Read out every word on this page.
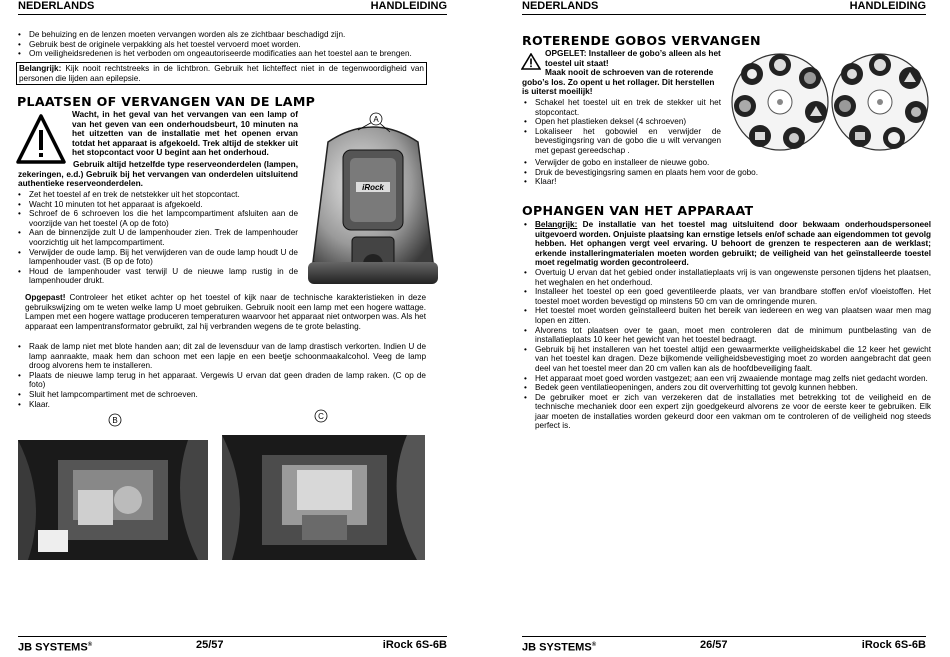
NEDERLANDS	HANDLEIDING
• De behuizing en de lenzen moeten vervangen worden als ze zichtbaar beschadigd zijn.
• Gebruik best de originele verpakking als het toestel vervoerd moet worden.
• Om veiligheidsredenen is het verboden om ongeautoriseerde modificaties aan het toestel aan te brengen.
Belangrijk: Kijk nooit rechtstreeks in de lichtbron. Gebruik het lichteffect niet in de tegenwoordigheid van personen die lijden aan epilepsie.
PLAATSEN OF VERVANGEN VAN DE LAMP
Wacht, in het geval van het vervangen van een lamp of van het geven van een onderhoudsbeurt, 10 minuten na het uitzetten van de installatie met het openen ervan totdat het apparaat is afgekoeld. Trek altijd de stekker uit het stopcontact voor U begint aan het onderhoud.
Gebruik altijd hetzelfde type reserveonderdelen (lampen, zekeringen, e.d.) Gebruik bij het vervangen van onderdelen uitsluitend authentieke reserveonderdelen.
• Zet het toestel af en trek de netstekker uit het stopcontact.
• Wacht 10 minuten tot het apparaat is afgekoeld.
• Schroef de 6 schroeven los die het lampcompartiment afsluiten aan de voorzijde van het toestel (A op de foto)
• Aan de binnenzijde zult U de lampenhouder zien. Trek de lampenhouder voorzichtig uit het lampcompartiment.
• Verwijder de oude lamp. Bij het verwijderen van de oude lamp houdt U de lampenhouder vast. (B op de foto)
• Houd de lampenhouder vast terwijl U de nieuwe lamp rustig in de lampenhouder drukt.
Opgepast! Controleer het etiket achter op het toestel of kijk naar de technische karakteristieken in deze gebruikswijzing om te weten welke lamp U moet gebruiken. Gebruik nooit een lamp met een hogere wattage. Lampen met een hogere wattage produceren temperaturen waarvoor het apparaat niet ontworpen was. Als het apparaat een lampentransformator gebruikt, zal hij verbranden wegens de te grote belasting.
• Raak de lamp niet met blote handen aan; dit zal de levensduur van de lamp drastisch verkorten. Indien U de lamp aanraakte, maak hem dan schoon met een lapje en een beetje schoonmaakalcohol. Veeg de lamp droog alvorens hem te installeren.
• Plaats de nieuwe lamp terug in het apparaat. Vergewis U ervan dat geen draden de lamp raken. (C op de foto)
• Sluit het lampcompartiment met de schroeven.
• Klaar.
iRock
A
B	C
JB SYSTEMS®	25/57	iRock 6S-6B
NEDERLANDS	HANDLEIDING
ROTERENDE GOBOS VERVANGEN
OPGELET: Installeer de gobo’s alleen als het toestel uit staat!
Maak nooit de schroeven van de roterende gobo’s los. Zo opent u het rollager. Dit herstellen is uiterst moeilijk!
• Schakel het toestel uit en trek de stekker uit het stopcontact.
• Open het plastieken deksel (4 schroeven)
• Lokaliseer het gobowiel en verwijder de bevestigingsring van de gobo die u wilt vervangen met gepast gereedschap .
• Verwijder de gobo en installeer de nieuwe gobo.
• Druk de bevestigingsring samen en plaats hem voor de gobo.
• Klaar!
OPHANGEN VAN HET APPARAAT
• Belangrijk: De installatie van het toestel mag uitsluitend door bekwaam onderhoudspersoneel uitgevoerd worden. Onjuiste plaatsing kan ernstige letsels en/of schade aan eigendommen tot gevolg hebben. Het ophangen vergt veel ervaring. U behoort de grenzen te respecteren aan de werklast; erkende installeringmaterialen moeten worden gebruikt; de veiligheid van het geïnstalleerde toestel moet regelmatig worden gecontroleerd.
• Overtuig U ervan dat het gebied onder installatieplaats vrij is van ongewenste personen tijdens het plaatsen, het weghalen en het onderhoud.
• Installeer het toestel op een goed geventileerde plaats, ver van brandbare stoffen en/of vloeistoffen. Het toestel moet worden bevestigd op minstens 50 cm van de omringende muren.
• Het toestel moet worden geïnstalleerd buiten het bereik van iedereen en weg van plaatsen waar men mag lopen en zitten.
• Alvorens tot plaatsen over te gaan, moet men controleren dat de minimum puntbelasting van de installatieplaats 10 keer het gewicht van het toestel bedraagt.
• Gebruik bij het installeren van het toestel altijd een gewaarmerkte veiligheidskabel die 12 keer het gewicht van het toestel kan dragen. Deze bijkomende veiligheidsbevestiging moet zo worden aangebracht dat geen deel van het toestel meer dan 20 cm vallen kan als de hoofdbeveiliging faalt.
• Het apparaat moet goed worden vastgezet; aan een vrij zwaaiende montage mag zelfs niet gedacht worden.
• Bedek geen ventilatieopeningen, anders zou dit oververhitting tot gevolg kunnen hebben.
• De gebruiker moet er zich van verzekeren dat de installaties met betrekking tot de veiligheid en de technische mechaniek door een expert zijn goedgekeurd alvorens ze voor de eerste keer te gebruiken. Elk jaar moeten de installaties worden gekeurd door een vakman om te controleren of de veiligheid nog steeds perfect is.
JB SYSTEMS®	26/57	iRock 6S-6B
